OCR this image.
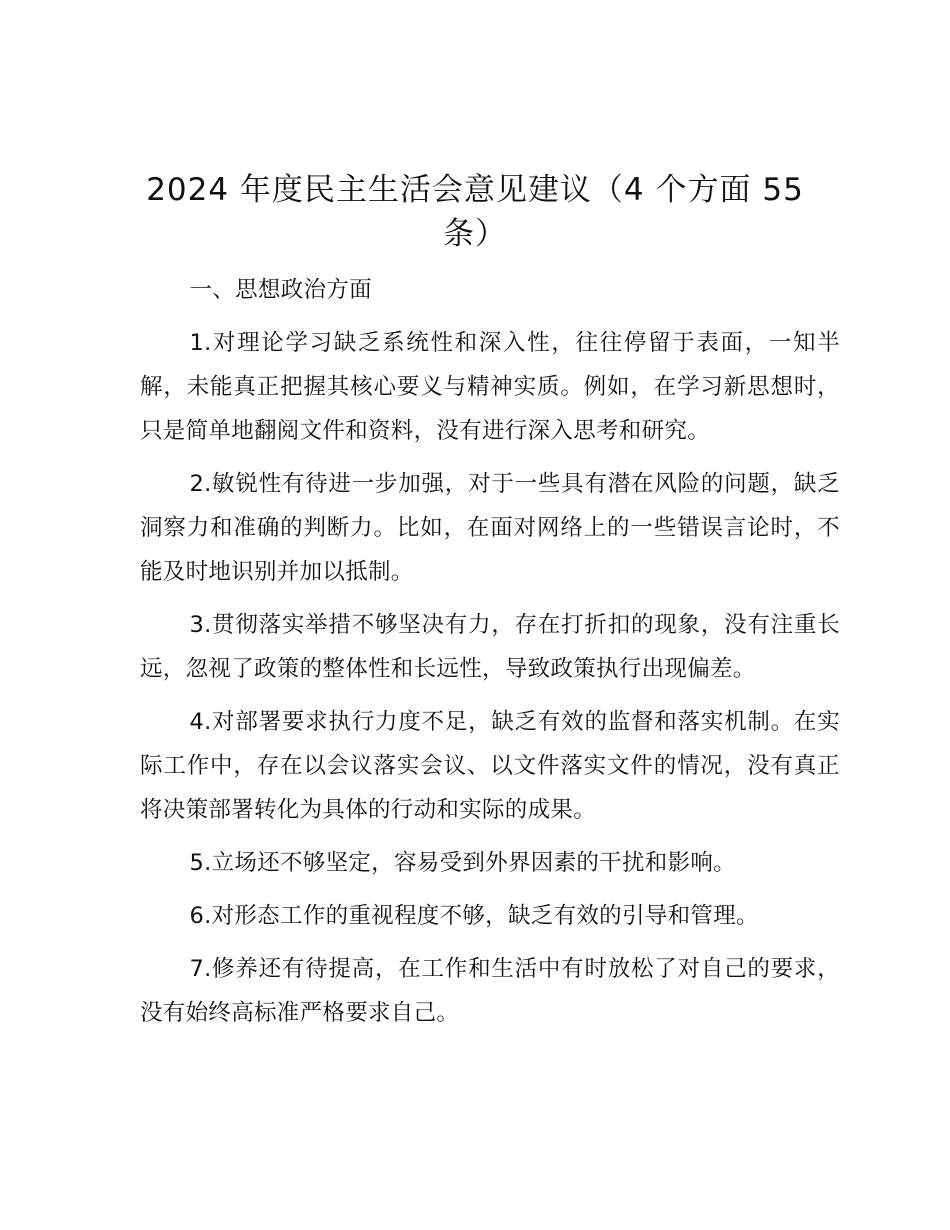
2024 年度民主生活会意见建议（4 个方面 55 条）

一、思想政治方面

1.对理论学习缺乏系统性和深入性，往往停留于表面，一知半解，未能真正把握其核心要义与精神实质。例如，在学习新思想时，只是简单地翻阅文件和资料，没有进行深入思考和研究。

2.敏锐性有待进一步加强，对于一些具有潜在风险的问题，缺乏洞察力和准确的判断力。比如，在面对网络上的一些错误言论时，不能及时地识别并加以抵制。

3.贯彻落实举措不够坚决有力，存在打折扣的现象，没有注重长远，忽视了政策的整体性和长远性，导致政策执行出现偏差。

4.对部署要求执行力度不足，缺乏有效的监督和落实机制。在实际工作中，存在以会议落实会议、以文件落实文件的情况，没有真正将决策部署转化为具体的行动和实际的成果。

5.立场还不够坚定，容易受到外界因素的干扰和影响。

6.对形态工作的重视程度不够，缺乏有效的引导和管理。

7.修养还有待提高，在工作和生活中有时放松了对自己的要求，没有始终高标准严格要求自己。
